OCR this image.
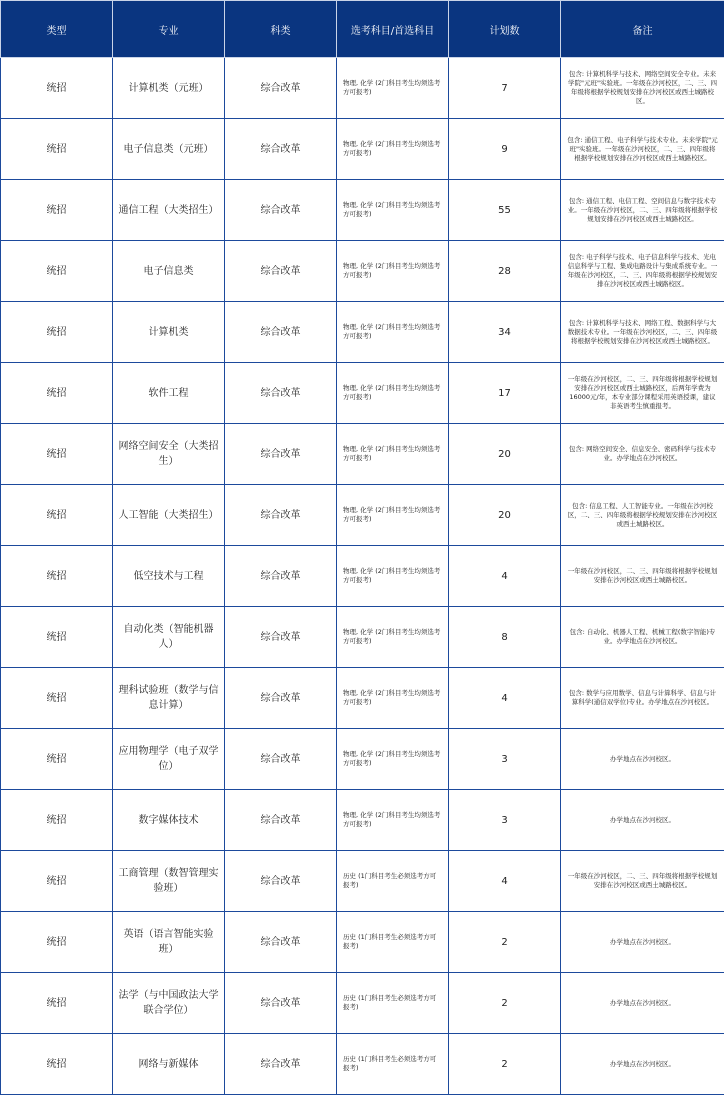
类型	专业	科类	选考科目/首选科目	计划数	备注
统招	计算机类（元班）	综合改革	物理, 化学 (2门科目考生均须选考方可报考)	7	包含: 计算机科学与技术、网络空间安全专业。未来学院"元班"实验班。一年级在沙河校区，二、三、四年级将根据学校规划安排在沙河校区或西土城路校区。
统招	电子信息类（元班）	综合改革	物理, 化学 (2门科目考生均须选考方可报考)	9	包含: 通信工程、电子科学与技术专业。未来学院"元班"实验班。一年级在沙河校区，二、三、四年级将根据学校规划安排在沙河校区或西土城路校区。
统招	通信工程（大类招生）	综合改革	物理, 化学 (2门科目考生均须选考方可报考)	55	包含: 通信工程、电信工程、空间信息与数字技术专业。一年级在沙河校区，二、三、四年级将根据学校规划安排在沙河校区或西土城路校区。
统招	电子信息类	综合改革	物理, 化学 (2门科目考生均须选考方可报考)	28	包含: 电子科学与技术、电子信息科学与技术、光电信息科学与工程、集成电路设计与集成系统专业。一年级在沙河校区，二、三、四年级将根据学校规划安排在沙河校区或西土城路校区。
统招	计算机类	综合改革	物理, 化学 (2门科目考生均须选考方可报考)	34	包含: 计算机科学与技术、网络工程、数据科学与大数据技术专业。一年级在沙河校区，二、三、四年级将根据学校规划安排在沙河校区或西土城路校区。
统招	软件工程	综合改革	物理, 化学 (2门科目考生均须选考方可报考)	17	一年级在沙河校区，二、三、四年级将根据学校规划安排在沙河校区或西土城路校区，后两年学费为16000元/年，本专业部分课程采用英语授课，建议非英语考生慎重报考。
统招	网络空间安全（大类招生）	综合改革	物理, 化学 (2门科目考生均须选考方可报考)	20	包含: 网络空间安全、信息安全、密码科学与技术专业。办学地点在沙河校区。
统招	人工智能（大类招生）	综合改革	物理, 化学 (2门科目考生均须选考方可报考)	20	包含: 信息工程、人工智能专业。一年级在沙河校区，二、三、四年级将根据学校规划安排在沙河校区或西土城路校区。
统招	低空技术与工程	综合改革	物理, 化学 (2门科目考生均须选考方可报考)	4	一年级在沙河校区，二、三、四年级将根据学校规划安排在沙河校区或西土城路校区。
统招	自动化类（智能机器人）	综合改革	物理, 化学 (2门科目考生均须选考方可报考)	8	包含: 自动化、机器人工程、机械工程(数字智能)专业。办学地点在沙河校区。
统招	理科试验班（数学与信息计算）	综合改革	物理, 化学 (2门科目考生均须选考方可报考)	4	包含: 数学与应用数学、信息与计算科学、信息与计算科学(通信双学位)专业。办学地点在沙河校区。
统招	应用物理学（电子双学位）	综合改革	物理, 化学 (2门科目考生均须选考方可报考)	3	办学地点在沙河校区。
统招	数字媒体技术	综合改革	物理, 化学 (2门科目考生均须选考方可报考)	3	办学地点在沙河校区。
统招	工商管理（数智管理实验班）	综合改革	历史 (1门科目考生必须选考方可报考)	4	一年级在沙河校区，二、三、四年级将根据学校规划安排在沙河校区或西土城路校区。
统招	英语（语言智能实验班）	综合改革	历史 (1门科目考生必须选考方可报考)	2	办学地点在沙河校区。
统招	法学（与中国政法大学联合学位）	综合改革	历史 (1门科目考生必须选考方可报考)	2	办学地点在沙河校区。
统招	网络与新媒体	综合改革	历史 (1门科目考生必须选考方可报考)	2	办学地点在沙河校区。
